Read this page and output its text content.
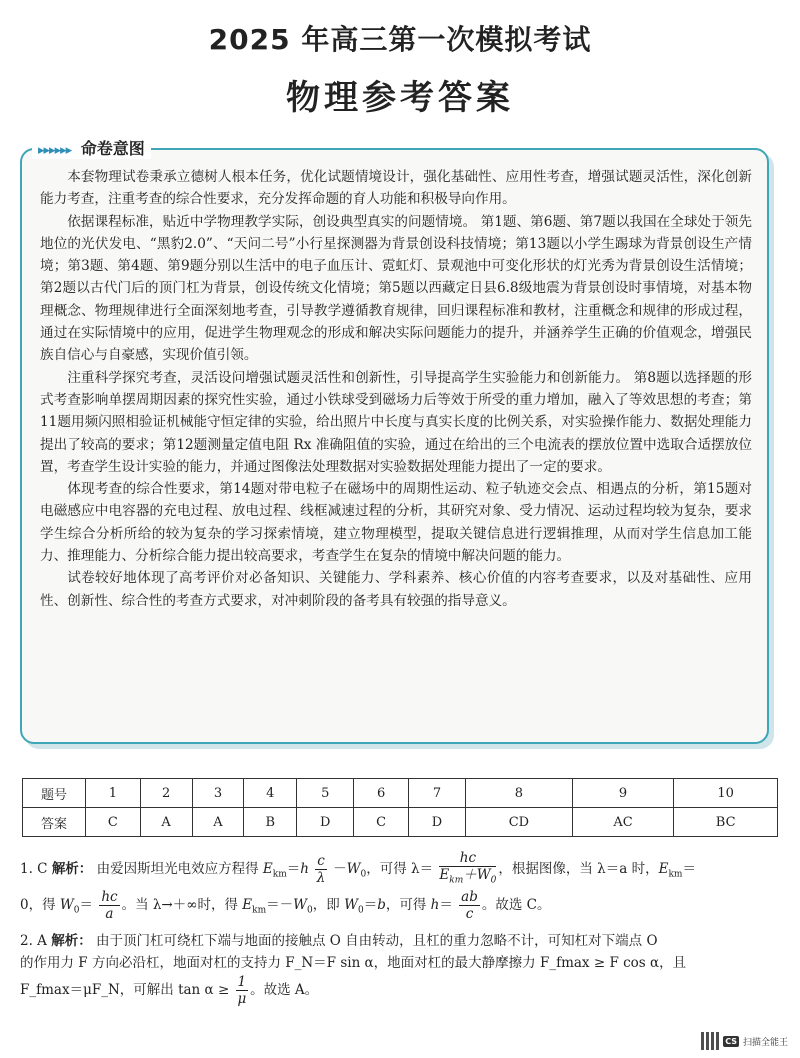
2025 年高三第一次模拟考试
物理参考答案
▸▸▸▸▸▸ 命卷意图

本套物理试卷秉承立德树人根本任务，优化试题情境设计，强化基础性、应用性考查，增强试题灵活性，深化创新能力考查，注重考查的综合性要求，充分发挥命题的育人功能和积极导向作用。

依据课程标准，贴近中学物理教学实际，创设典型真实的问题情境。 第1题、第6题、第7题以我国在全球处于领先地位的光伏发电、“黑豹2.0”、“天问二号”小行星探测器为背景创设科技情境；第13题以小学生踢球为背景创设生产情境；第3题、第4题、第9题分别以生活中的电子血压计、霓虹灯、景观池中可变化形状的灯光秀为背景创设生活情境；第2题以古代门后的顶门杠为背景，创设传统文化情境；第5题以西藏定日县6.8级地震为背景创设时事情境，对基本物理概念、物理规律进行全面深刻地考查，引导教学遵循教育规律，回归课程标准和教材，注重概念和规律的形成过程，通过在实际情境中的应用，促进学生物理观念的形成和解决实际问题能力的提升，并涵养学生正确的价值观念，增强民族自信心与自豪感，实现价值引领。

注重科学探究考查，灵活设问增强试题灵活性和创新性，引导提高学生实验能力和创新能力。 第8题以选择题的形式考查影响单摆周期因素的探究性实验，通过小铁球受到磁场力后等效于所受的重力增加，融入了等效思想的考查；第11题用频闪照相验证机械能守恒定律的实验，给出照片中长度与真实长度的比例关系，对实验操作能力、数据处理能力提出了较高的要求；第12题测量定值电阻 Rx 准确阻值的实验，通过在给出的三个电流表的摆放位置中选取合适摆放位置，考查学生设计实验的能力，并通过图像法处理数据对实验数据处理能力提出了一定的要求。

体现考查的综合性要求，第14题对带电粒子在磁场中的周期性运动、粒子轨迹交会点、相遇点的分析，第15题对电磁感应中电容器的充电过程、放电过程、线框减速过程的分析，其研究对象、受力情况、运动过程均较为复杂，要求学生综合分析所给的较为复杂的学习探索情境，建立物理模型，提取关键信息进行逻辑推理，从而对学生信息加工能力、推理能力、分析综合能力提出较高要求，考查学生在复杂的情境中解决问题的能力。

试卷较好地体现了高考评价对必备知识、关键能力、学科素养、核心价值的内容考查要求，以及对基础性、应用性、创新性、综合性的考查方式要求，对冲刺阶段的备考具有较强的指导意义。

题号	1	2	3	4	5	6	7	8	9	10
答案	C	A	A	B	D	C	D	CD	AC	BC
1. C 解析： 由爱因斯坦光电效应方程得 $E_{km}=h \frac{c}{\lambda} -W_0$，可得 $\lambda= \frac{hc}{E_{km}+W_0}$ ，根据图像，当 λ＝a 时，$E_{km}=$
0，得 $W_0= \frac{hc}{a}$ 。当 λ→＋∞时，得 $E_{km}=-W_0$，即 $W_0=b$，可得 $h= \frac{ab}{c}$ 。故选 C。
2. A 解析： 由于顶门杠可绕杠下端与地面的接触点 O 自由转动，且杠的重力忽略不计，可知杠对下端点 O
的作用力 F 方向必沿杠，地面对杠的支持力 F_N＝F sin α，地面对杠的最大静摩擦力 F_fmax ≥ F cos α，且
F_fmax＝μF_N，可解出 $\tan \alpha \ge \frac{1}{\mu}$ 。故选 A。
CS 扫描全能王
